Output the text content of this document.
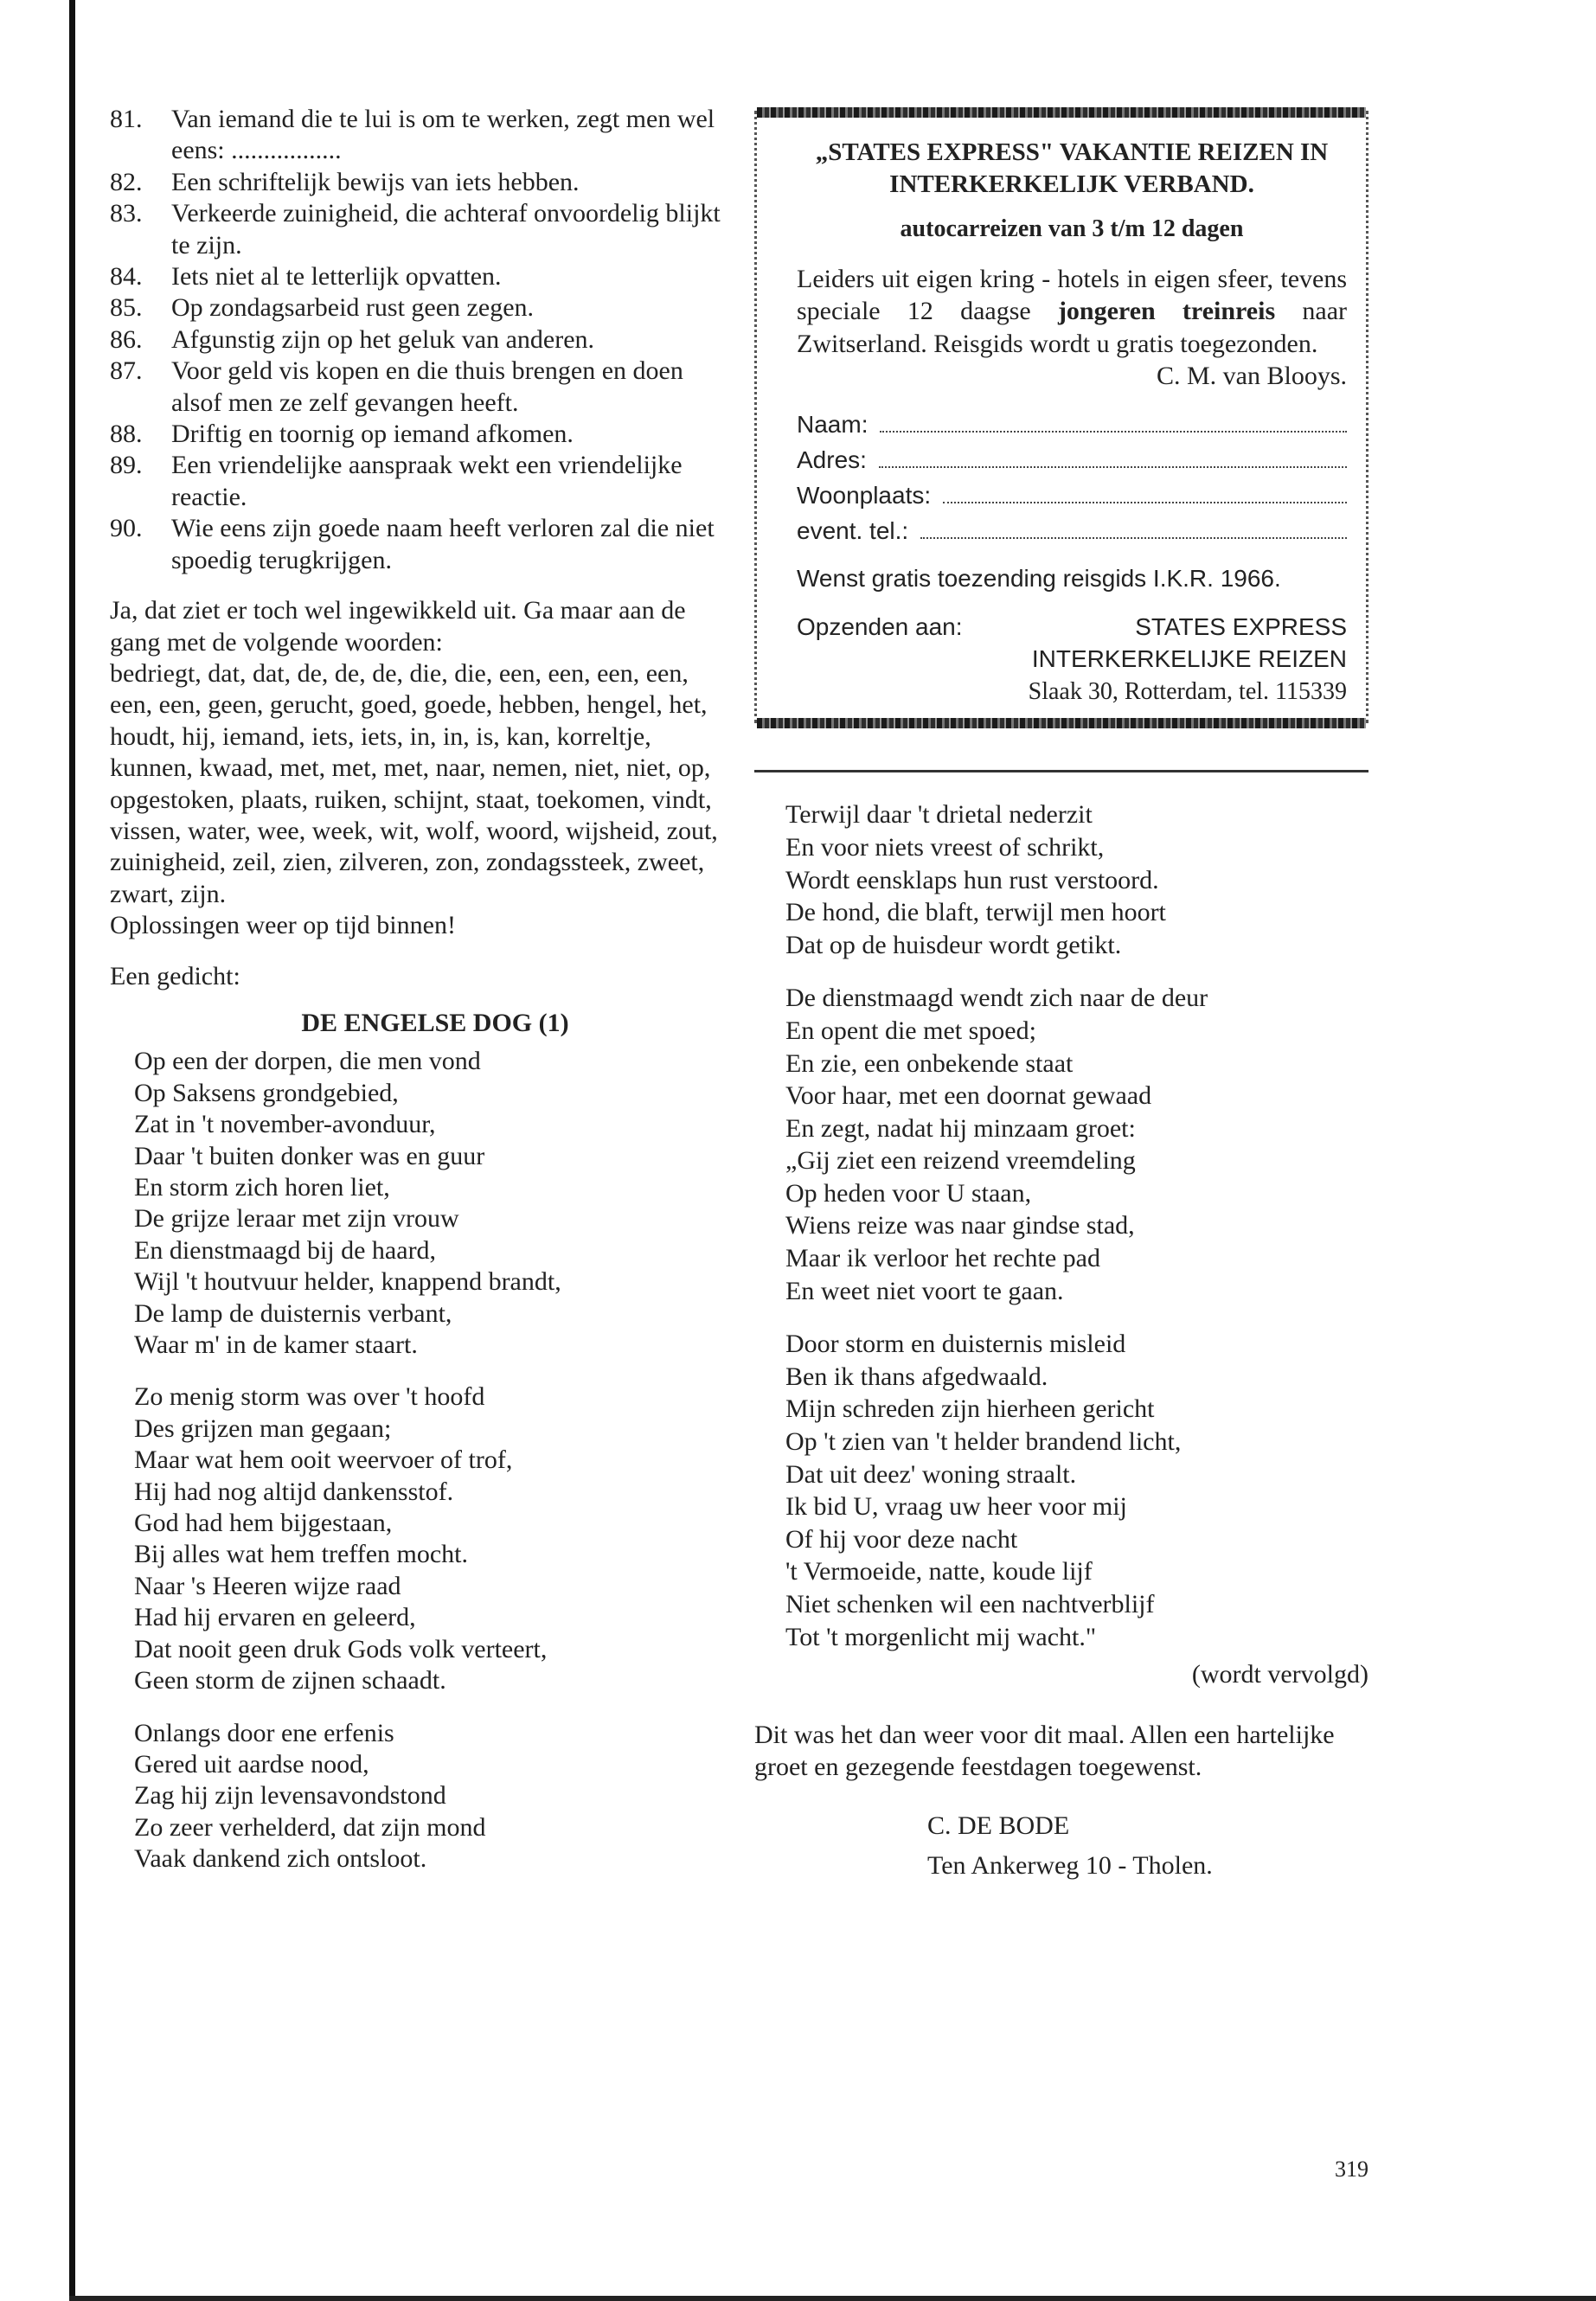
81.	Van iemand die te lui is om te werken, zegt men wel eens: .................
82.	Een schriftelijk bewijs van iets hebben.
83.	Verkeerde zuinigheid, die achteraf onvoordelig blijkt te zijn.
84.	Iets niet al te letterlijk opvatten.
85.	Op zondagsarbeid rust geen zegen.
86.	Afgunstig zijn op het geluk van anderen.
87.	Voor geld vis kopen en die thuis brengen en doen alsof men ze zelf gevangen heeft.
88.	Driftig en toornig op iemand afkomen.
89.	Een vriendelijke aanspraak wekt een vriendelijke reactie.
90.	Wie eens zijn goede naam heeft verloren zal die niet spoedig terugkrijgen.

Ja, dat ziet er toch wel ingewikkeld uit. Ga maar aan de gang met de volgende woorden:

bedriegt, dat, dat, de, de, de, die, die, een, een, een, een, een, een, geen, gerucht, goed, goede, hebben, hengel, het, houdt, hij, iemand, iets, iets, in, in, is, kan, korreltje, kunnen, kwaad, met, met, met, naar, nemen, niet, niet, op, opgestoken, plaats, ruiken, schijnt, staat, toekomen, vindt, vissen, water, wee, week, wit, wolf, woord, wijsheid, zout, zuinigheid, zeil, zien, zilveren, zon, zondagssteek, zweet, zwart, zijn.

Oplossingen weer op tijd binnen!

Een gedicht:

DE ENGELSE DOG (1)
Op een der dorpen, die men vond
Op Saksens grondgebied,
Zat in 't november-avonduur,
Daar 't buiten donker was en guur
En storm zich horen liet,
De grijze leraar met zijn vrouw
En dienstmaagd bij de haard,
Wijl 't houtvuur helder, knappend brandt,
De lamp de duisternis verbant,
Waar m' in de kamer staart.
Zo menig storm was over 't hoofd
Des grijzen man gegaan;
Maar wat hem ooit weervoer of trof,
Hij had nog altijd dankensstof.
God had hem bijgestaan,
Bij alles wat hem treffen mocht.
Naar 's Heeren wijze raad
Had hij ervaren en geleerd,
Dat nooit geen druk Gods volk verteert,
Geen storm de zijnen schaadt.
Onlangs door ene erfenis
Gered uit aardse nood,
Zag hij zijn levensavondstond
Zo zeer verhelderd, dat zijn mond
Vaak dankend zich ontsloot.
„STATES EXPRESS" VAKANTIE REIZEN IN INTERKERKELIJK VERBAND.
autocarreizen van 3 t/m 12 dagen
Leiders uit eigen kring - hotels in eigen sfeer, tevens speciale 12 daagse jongeren treinreis naar Zwitserland. Reisgids wordt u gratis toegezonden.
C. M. van Blooys.
Naam:
Adres:
Woonplaats:
event. tel.:
Wenst gratis toezending reisgids I.K.R. 1966.
Opzenden aan:	STATES EXPRESS
INTERKERKELIJKE REIZEN
Slaak 30, Rotterdam, tel. 115339
Terwijl daar 't drietal nederzit
En voor niets vreest of schrikt,
Wordt eensklaps hun rust verstoord.
De hond, die blaft, terwijl men hoort
Dat op de huisdeur wordt getikt.
De dienstmaagd wendt zich naar de deur
En opent die met spoed;
En zie, een onbekende staat
Voor haar, met een doornat gewaad
En zegt, nadat hij minzaam groet:
„Gij ziet een reizend vreemdeling
Op heden voor U staan,
Wiens reize was naar gindse stad,
Maar ik verloor het rechte pad
En weet niet voort te gaan.
Door storm en duisternis misleid
Ben ik thans afgedwaald.
Mijn schreden zijn hierheen gericht
Op 't zien van 't helder brandend licht,
Dat uit deez' woning straalt.
Ik bid U, vraag uw heer voor mij
Of hij voor deze nacht
't Vermoeide, natte, koude lijf
Niet schenken wil een nachtverblijf
Tot 't morgenlicht mij wacht."
(wordt vervolgd)

Dit was het dan weer voor dit maal. Allen een hartelijke groet en gezegende feestdagen toegewenst.

C. DE BODE
Ten Ankerweg 10 - Tholen.
319
